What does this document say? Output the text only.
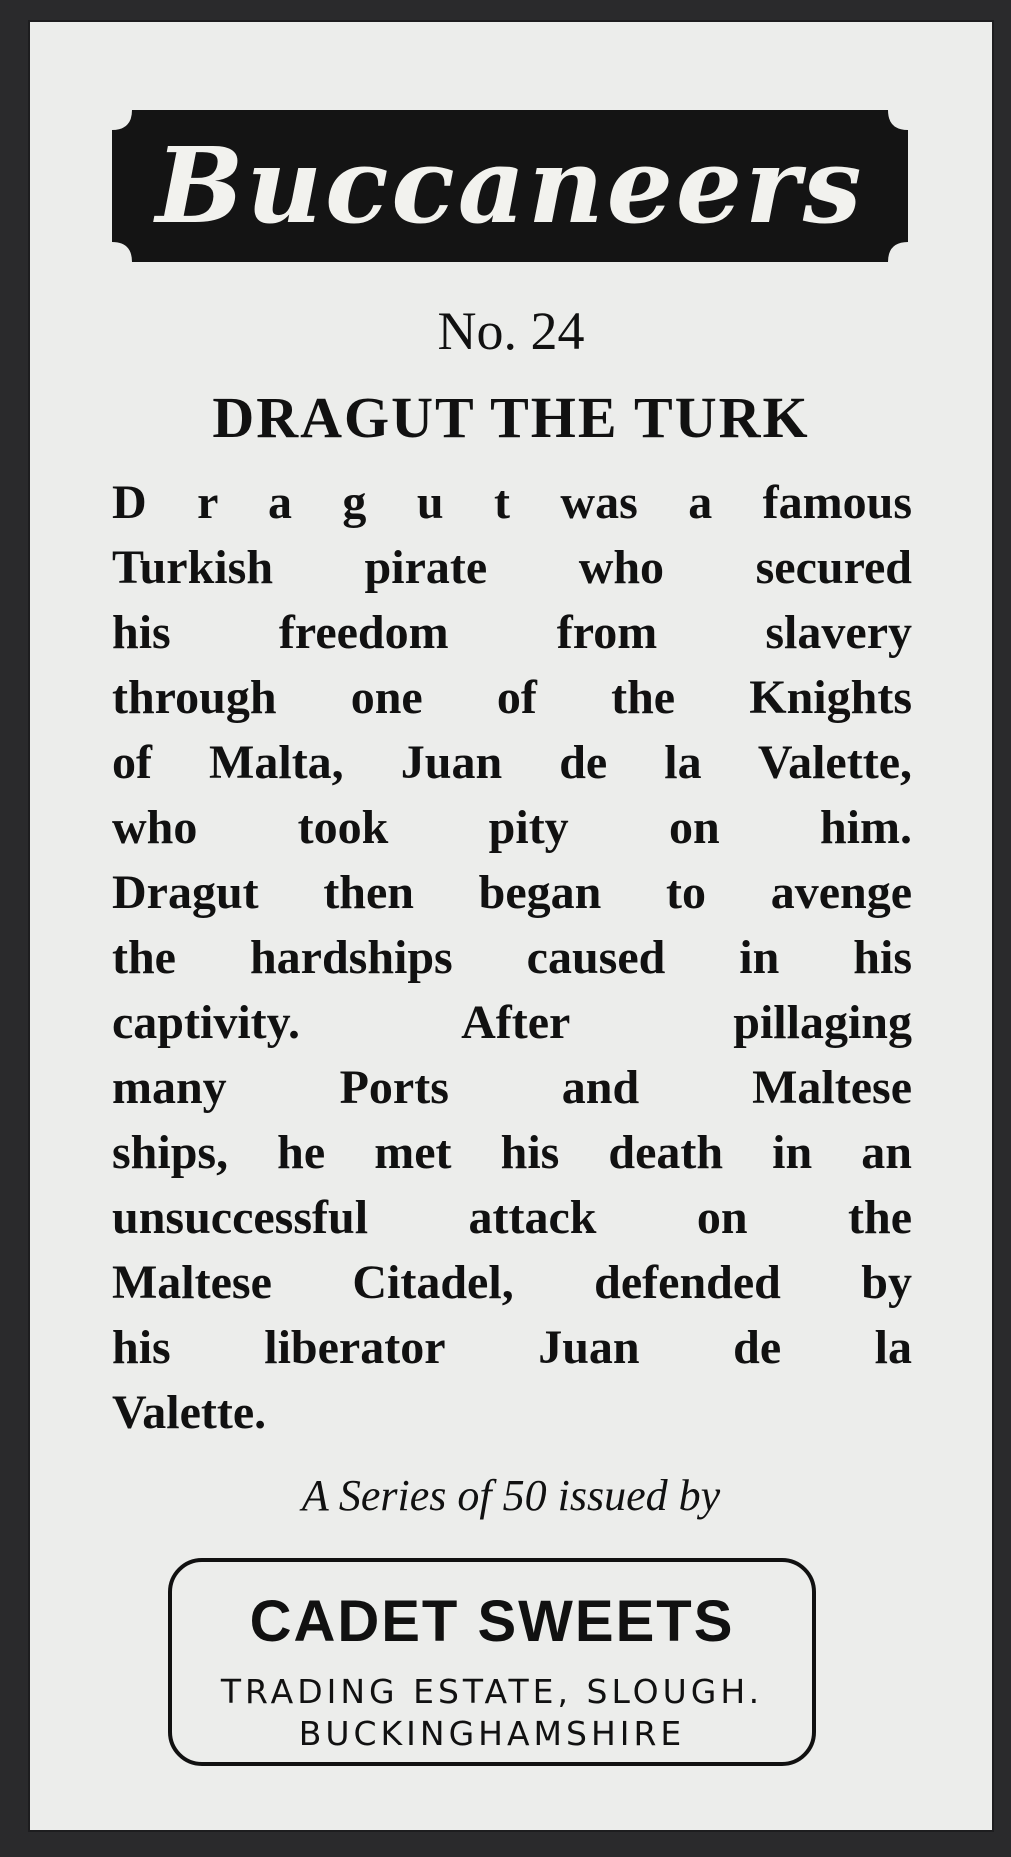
Buccaneers
No. 24
DRAGUT THE TURK
D r a g u t was a famous
Turkish pirate who secured
his freedom from slavery
through one of the Knights
of Malta, Juan de la Valette,
who took pity on him.
Dragut then began to avenge
the hardships caused in his
captivity. After pillaging
many Ports and Maltese
ships, he met his death in an
unsuccessful attack on the
Maltese Citadel, defended by
his liberator Juan de la
Valette.
A Series of 50 issued by
CADET SWEETS
TRADING ESTATE, SLOUGH.
BUCKINGHAMSHIRE
